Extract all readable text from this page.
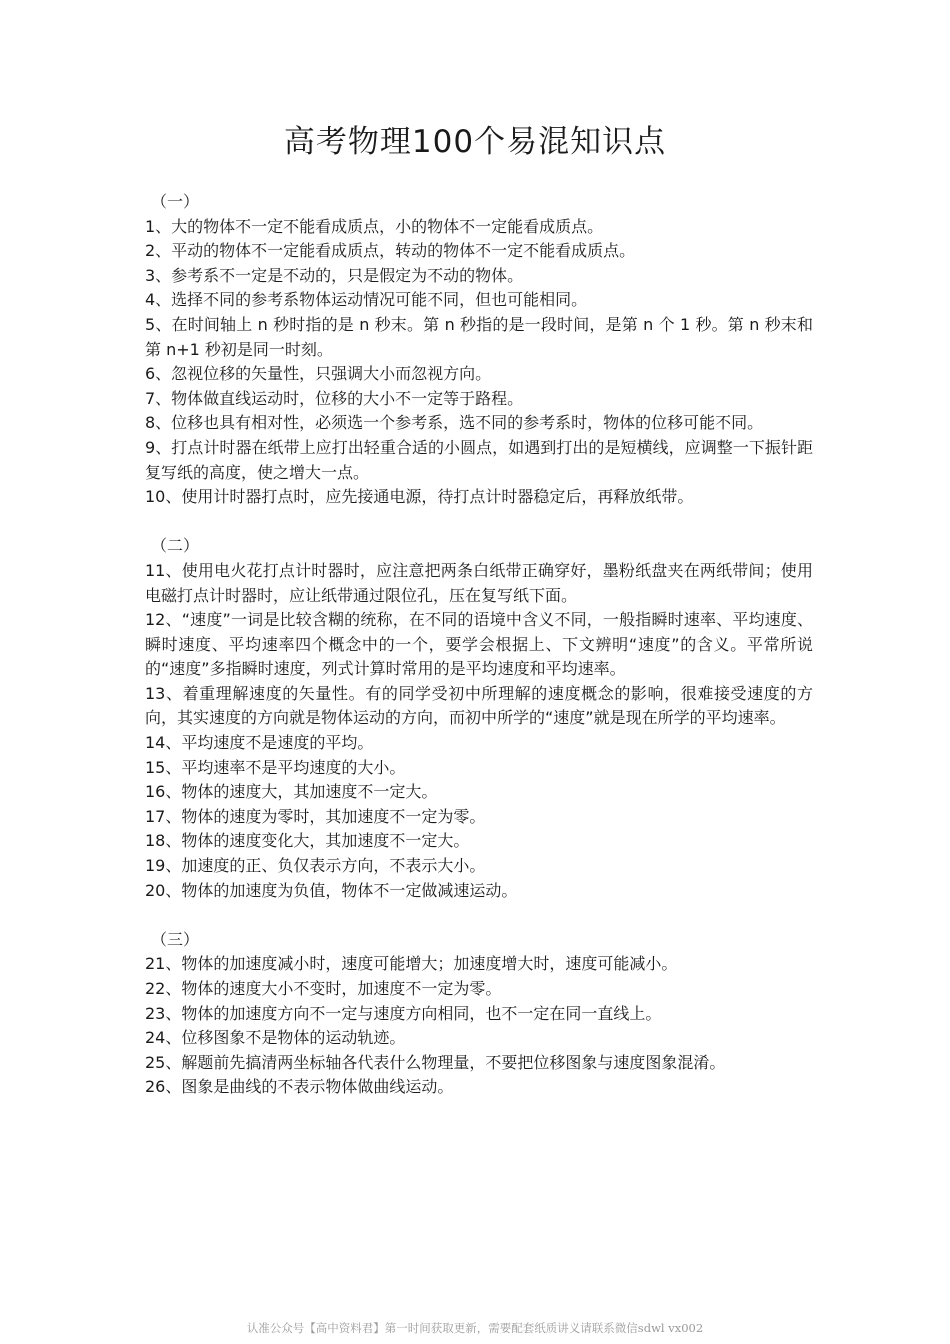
高考物理100个易混知识点

（一）

1、大的物体不一定不能看成质点，小的物体不一定能看成质点。

2、平动的物体不一定能看成质点，转动的物体不一定不能看成质点。

3、参考系不一定是不动的，只是假定为不动的物体。

4、选择不同的参考系物体运动情况可能不同，但也可能相同。

5、在时间轴上 n 秒时指的是 n 秒末。第 n 秒指的是一段时间，是第 n 个 1 秒。第 n 秒末和第 n+1 秒初是同一时刻。

6、忽视位移的矢量性，只强调大小而忽视方向。

7、物体做直线运动时，位移的大小不一定等于路程。

8、位移也具有相对性，必须选一个参考系，选不同的参考系时，物体的位移可能不同。

9、打点计时器在纸带上应打出轻重合适的小圆点，如遇到打出的是短横线，应调整一下振针距复写纸的高度，使之增大一点。

10、使用计时器打点时，应先接通电源，待打点计时器稳定后，再释放纸带。

（二）

11、使用电火花打点计时器时，应注意把两条白纸带正确穿好，墨粉纸盘夹在两纸带间；使用电磁打点计时器时，应让纸带通过限位孔，压在复写纸下面。

12、“速度”一词是比较含糊的统称，在不同的语境中含义不同，一般指瞬时速率、平均速度、瞬时速度、平均速率四个概念中的一个，要学会根据上、下文辨明“速度”的含义。平常所说的“速度”多指瞬时速度，列式计算时常用的是平均速度和平均速率。

13、着重理解速度的矢量性。有的同学受初中所理解的速度概念的影响，很难接受速度的方向，其实速度的方向就是物体运动的方向，而初中所学的“速度”就是现在所学的平均速率。

14、平均速度不是速度的平均。

15、平均速率不是平均速度的大小。

16、物体的速度大，其加速度不一定大。

17、物体的速度为零时，其加速度不一定为零。

18、物体的速度变化大，其加速度不一定大。

19、加速度的正、负仅表示方向，不表示大小。

20、物体的加速度为负值，物体不一定做减速运动。

（三）

21、物体的加速度减小时，速度可能增大；加速度增大时，速度可能减小。

22、物体的速度大小不变时，加速度不一定为零。

23、物体的加速度方向不一定与速度方向相同，也不一定在同一直线上。

24、位移图象不是物体的运动轨迹。

25、解题前先搞清两坐标轴各代表什么物理量，不要把位移图象与速度图象混淆。

26、图象是曲线的不表示物体做曲线运动。

认准公众号【高中资料君】第一时间获取更新，需要配套纸质讲义请联系微信sdwl vx002
